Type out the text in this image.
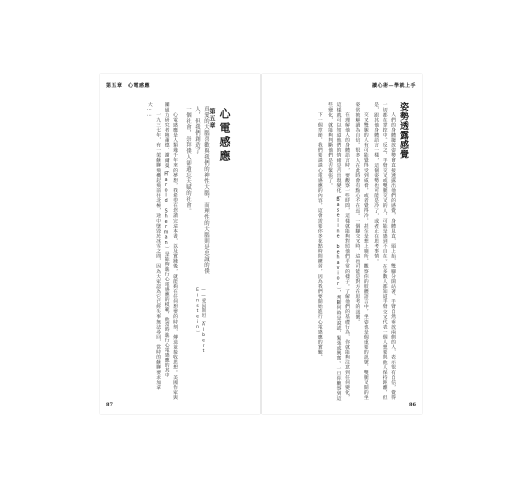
第五章　心電感應
第五章 心電感應

真愛的大腦喜歡與我們的神性大腦，而理性的大腦則是忠誠的僕人，但我們創造了

一個社會，崇拜僕人卻遺忘天賦的社會。

——愛因斯坦（Albert Einstein）

心電感應是人類幾千年來的夢想，我希望在您讀完這本書，以及實踐後，就能夠在任何想要的時刻，傳送並接收思想。美國作家與團通力研究者韓蕭德．謝爾曼（Harold Sherman）是能夠進行心電感應的模範，他當時進行心電感應的其中

一九三七年，有一架蘇聯飛機起飛前往北極，途中墜毀於冰雪之間，因為大家認為它已經失事無法尋回，當時的蘇聯要求加拿大……

87
讀心術—學就上手
姿勢透露感覺

人們的身體擺放姿勢會直接透露出他們的感覺，身體見直，頭上抬，雙腳分開站著、手臂自然垂放兩側的人，表示很有自信，覺得一切都在掌控中。反之，手臂交叉或雙腿交叉的人，可能是感到不自在。在多數人都知道手臂交叉代表一個人想要與他人保持距離，但是，跟其他身體語言一樣，這個姿勢也可能是冷了，或者正在思考事情。

交叉雙腿的人有可能覺得受到威脅，或者覺得冷，甚至是想上廁所。觀察你的肢體語言中，坐姿也是個重要的訊號，雙腿叉開的坐姿常被解讀為自信。很多人在此時會有點心不在焉。一個腳交叉時，這也可能是對方在思考的訊號。

在理解他人的身體語言時，要觀察一些時間，這樣就能夠對照他們平常的樣子。了解他們的基礎行為，你就能夠注意到任何變化，這樣就可以知道他們的情緒是否出現變化（Baseline behavior），判斷何時是說謊、緊張或興奮。一旦你觀察到這些變化，就能夠判斷他們是否緊張了。

下一個章節，我們要談談心電感應的內容，這會需要你多花點時間練習，因為我們要開始進行心電感應的實驗。

86
